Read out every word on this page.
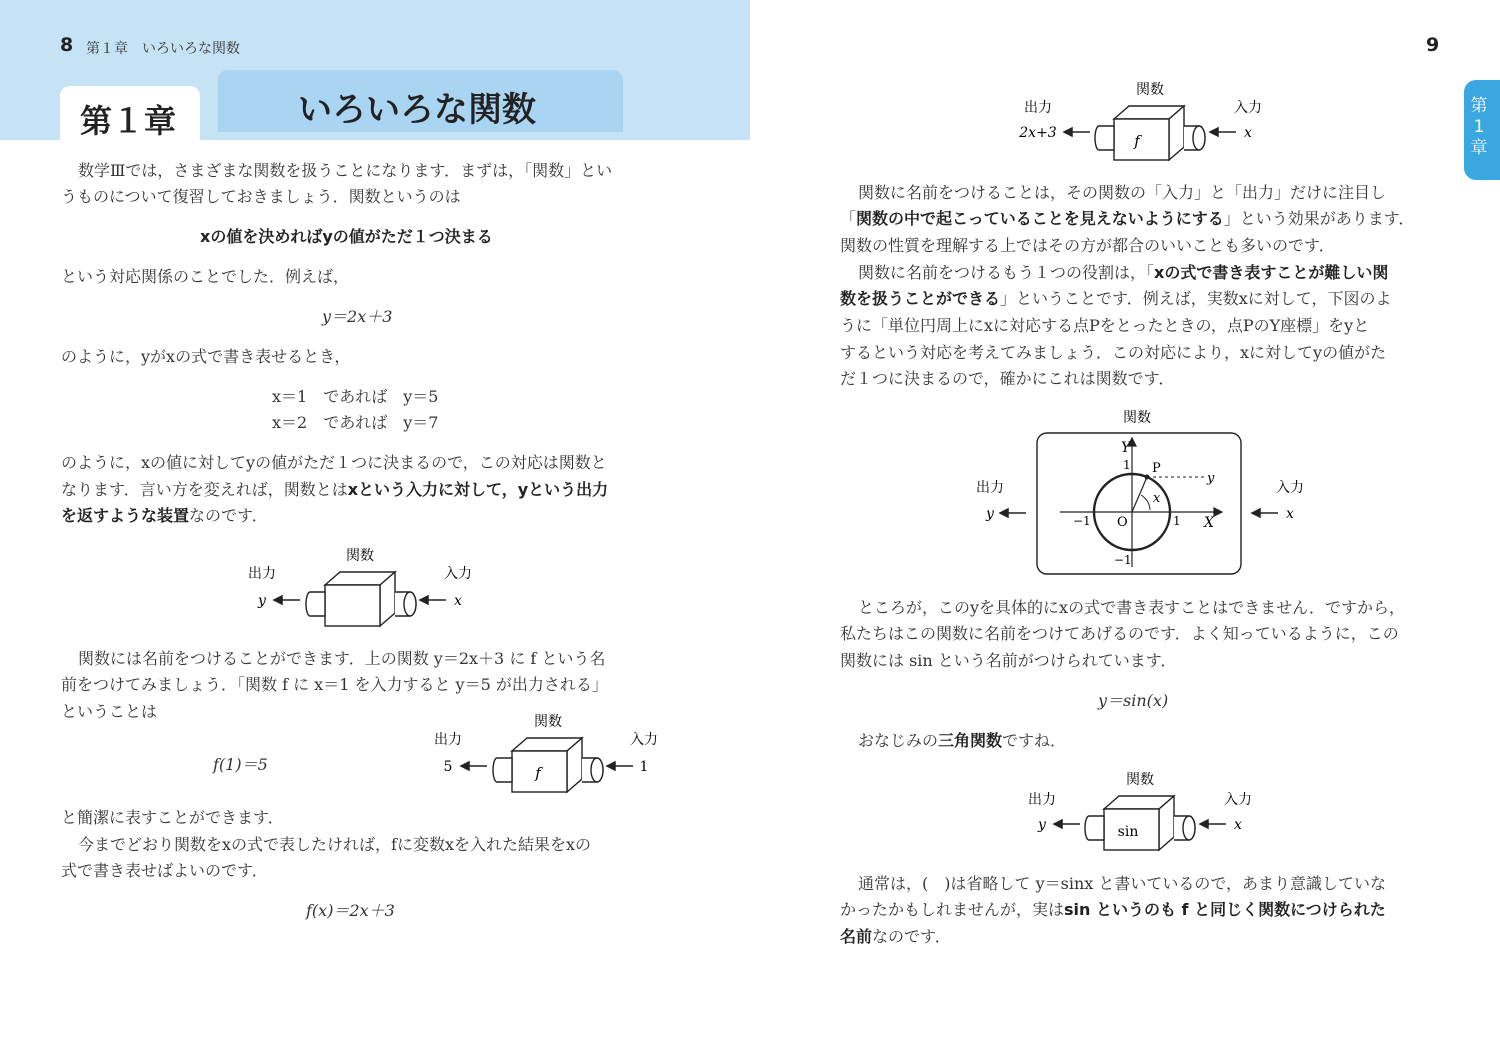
8 第１章　いろいろな関数
第１章	いろいろな関数
数学Ⅲでは，さまざまな関数を扱うことになります．まずは，「関数」とい
うものについて復習しておきましょう．関数というのは
xの値を決めればyの値がただ１つ決まる
という対応関係のことでした．例えば，
y＝2x＋3
のように，yがxの式で書き表せるとき，
x＝1　であれば　y＝5
x＝2　であれば　y＝7
のように，xの値に対してyの値がただ１つに決まるので，この対応は関数と
なります．言い方を変えれば，関数とはxという入力に対して，yという出力
を返すような装置なのです．
関数
出力	入力
y	x
関数には名前をつけることができます．上の関数 y＝2x＋3 に f という名
前をつけてみましょう．「関数 f に x＝1 を入力すると y＝5 が出力される」
ということは
f(1)＝5
関数
出力	入力
f
5	1
と簡潔に表すことができます．
今までどおり関数をxの式で表したければ，fに変数xを入れた結果をxの
式で書き表せばよいのです．
f(x)＝2x＋3
9
第1章
関数
出力	入力
f
2x+3	x
関数に名前をつけることは，その関数の「入力」と「出力」だけに注目し
「関数の中で起こっていることを見えないようにする」という効果があります．
関数の性質を理解する上ではその方が都合のいいことも多いのです．
関数に名前をつけるもう１つの役割は，「xの式で書き表すことが難しい関
数を扱うことができる」ということです．例えば，実数xに対して，下図のよ
うに「単位円周上にxに対応する点Pをとったときの，点PのY座標」をyと
するという対応を考えてみましょう．この対応により，xに対してyの値がた
だ１つに決まるので，確かにこれは関数です．
関数
出力	入力
y	x
Y
X
O
P
1
1
−1
−1
y
x
ところが，このyを具体的にxの式で書き表すことはできません．ですから，
私たちはこの関数に名前をつけてあげるのです．よく知っているように，この
関数には sin という名前がつけられています．
y＝sin(x)
おなじみの三角関数ですね．
関数
出力	入力
sin
y	x
通常は，(　)は省略して y＝sinx と書いているので，あまり意識していな
かったかもしれませんが，実はsin というのも f と同じく関数につけられた
名前なのです．
